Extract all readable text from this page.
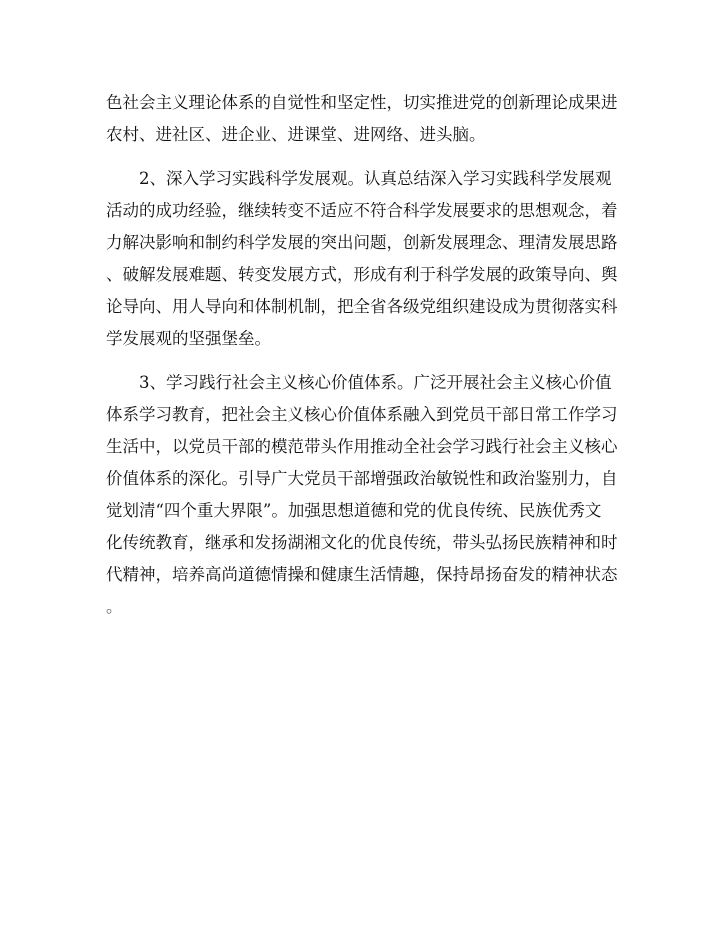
色社会主义理论体系的自觉性和坚定性，切实推进党的创新理论成果进
农村、进社区、进企业、进课堂、进网络、进头脑。
2、深入学习实践科学发展观。认真总结深入学习实践科学发展观
活动的成功经验，继续转变不适应不符合科学发展要求的思想观念，着
力解决影响和制约科学发展的突出问题，创新发展理念、理清发展思路
、破解发展难题、转变发展方式，形成有利于科学发展的政策导向、舆
论导向、用人导向和体制机制，把全省各级党组织建设成为贯彻落实科
学发展观的坚强堡垒。
3、学习践行社会主义核心价值体系。广泛开展社会主义核心价值
体系学习教育，把社会主义核心价值体系融入到党员干部日常工作学习
生活中，以党员干部的模范带头作用推动全社会学习践行社会主义核心
价值体系的深化。引导广大党员干部增强政治敏锐性和政治鉴别力，自
觉划清“四个重大界限”。加强思想道德和党的优良传统、民族优秀文
化传统教育，继承和发扬湖湘文化的优良传统，带头弘扬民族精神和时
代精神，培养高尚道德情操和健康生活情趣，保持昂扬奋发的精神状态
。
